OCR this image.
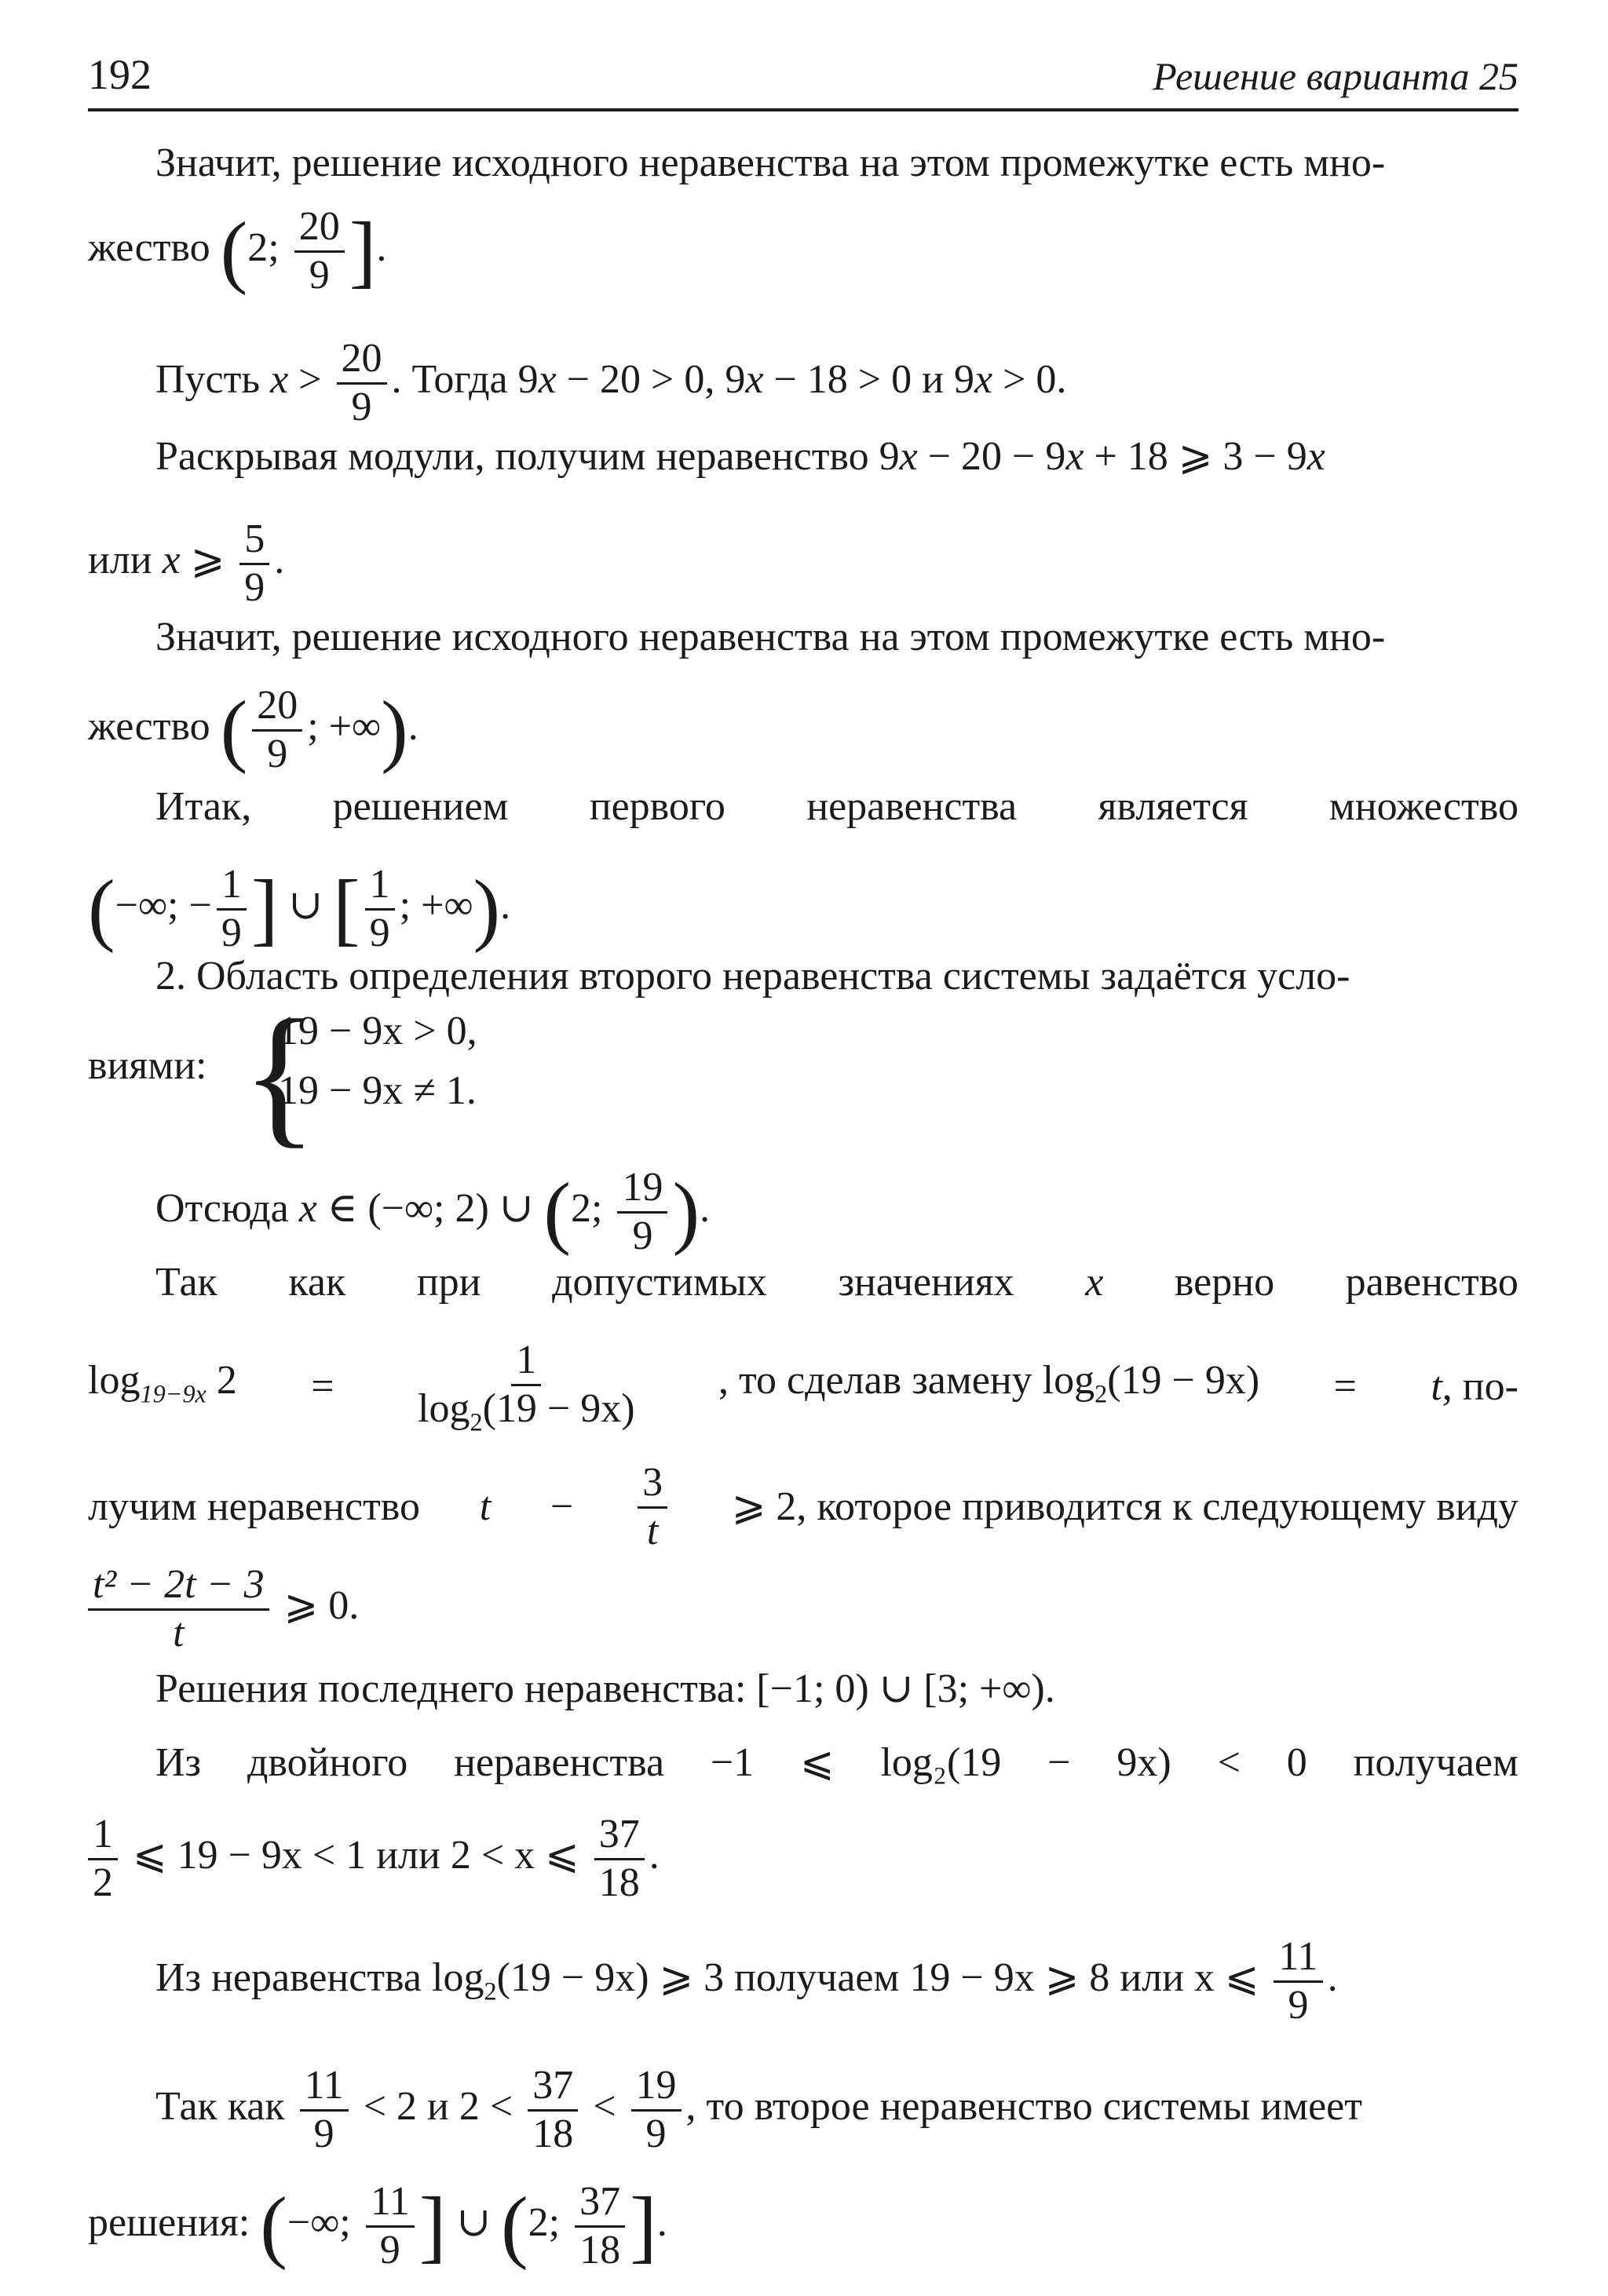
192	Решение варианта 25
Значит, решение исходного неравенства на этом промежутке есть мно-
жество (2; $\frac{20}{9}$ ].
Пусть $x > \frac{20}{9}$ . Тогда 9x − 20 > 0, 9x − 18 > 0 и 9x > 0.
Раскрывая модули, получим неравенство 9x − 20 − 9x + 18 ⩾ 3 − 9x
или x ⩾ $\frac{5}{9}$ .
Значит, решение исходного неравенства на этом промежутке есть мно-
жество ( $\frac{20}{9}$ ; +∞).
Итак, решением первого неравенства является множество
(−∞; − $\frac{1}{9}$ ] ∪ [ $\frac{1}{9}$ ; +∞).
2. Область определения второго неравенства системы задаётся усло-
виями: {
19 − 9x > 0,
19 − 9x ≠ 1.
Отсюда x ∈ (−∞; 2) ∪ (2; $\frac{19}{9}$ ).
Так как при допустимых значениях x верно равенство
$\log_{19-9x} 2 = \frac{1}{\log_2(19 - 9x)}$ , то сделав замену $\log_2(19 - 9x) = t$, по-
лучим неравенство $t - \frac{3}{t}$ ⩾ 2, которое приводится к следующему виду
$\frac{\text{t² − 2t − 3}}{t}$ ⩾ 0.
Решения последнего неравенства: [−1; 0) ∪ [3; +∞).
Из двойного неравенства −1 ⩽ log₂(19 − 9x) < 0 получаем
$\frac{1}{2}$ ⩽ 19 − 9x < 1 или 2 < x ⩽ $\frac{37}{18}$ .
Из неравенства $\log_2(19 - 9x)$ ⩾ 3 получаем 19 − 9x ⩾ 8 или x ⩽ $\frac{11}{9}$ .
Так как $\frac{11}{9} < 2$ и $2 < \frac{37}{18} < \frac{19}{9}$ , то второе неравенство системы имеет
решения: (−∞; $\frac{11}{9}$ ] ∪ (2; $\frac{37}{18}$ ].
